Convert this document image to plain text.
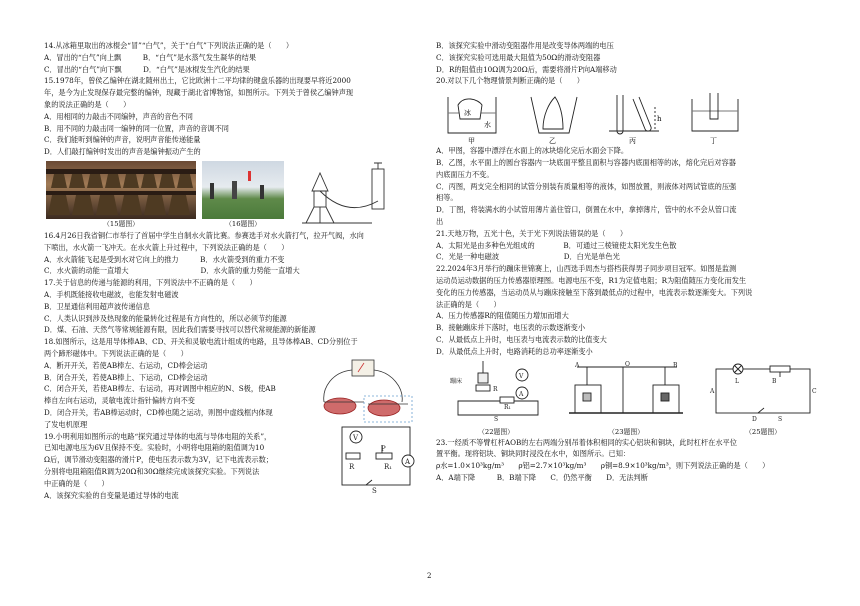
14.从冰箱里取出的冰棍会“冒”“白气”，关于“白气”下列说法正确的是（　　）
A．冒出的“白气”向上飘　　　B．“白气”是水蒸气发生凝华的结果
C．冒出的“白气”向下飘　　　D．“白气”是冰棍发生汽化的结果
15.1978年，曾侯乙编钟在湖北随州出土，它比欧洲十二平均律的键盘乐器的出现要早将近2000
年，是今为止发现保存最完整的编钟，现藏于湖北省博物馆，如图所示。下列关于曾侯乙编钟声现
象的说法正确的是（　　）
A．用相同的力敲击不同编钟，声音的音色不同
B．用不同的力敲击同一编钟的同一位置，声音的音调不同
C．我们能听到编钟的声音，说明声音能传递能量
D．人们敲打编钟时发出的声音是编钟振动产生的
（15题图）	（16题图）
16.4月26日我省铜仁市举行了首届中学生自制水火箭比赛。参赛选手对水火箭打气，拉开气阀，水向
下喷出，水火箭一飞冲天。在水火箭上升过程中，下列说法正确的是（　　）
A．水火箭能飞起是受到水对它向上的推力　　　B．水火箭受到的重力不变
C．水火箭的动能一直增大　　　　　　　　　　D．水火箭的重力势能一直增大
17.关于信息的传递与能源的利用，下列说法中不正确的是（　　）
A．手机既能接收电磁波，也能发射电磁波
B．卫星通信利用超声波传递信息
C．人类认识到涉及热现象的能量转化过程是有方向性的，所以必须节约能源
D．煤、石油、天然气等常规能源有限，因此我们需要寻找可以替代常规能源的新能源
18.如图所示，这是用导体棒AB、CD、开关和灵敏电流计组成的电路，且导体棒AB、CD分别位于
两个蹄形磁体中。下列说法正确的是（　　）
A．断开开关，若使AB棒左、右运动，CD棒会运动
B．闭合开关，若使AB棒上、下运动，CD棒会运动
C．闭合开关，若使AB棒左、右运动，再对调图中相应的N、S极，使AB
棒自左向右运动，灵敏电流计指针偏转方向不变
D．闭合开关，若AB棒运动时，CD棒也随之运动，则图中虚线框内体现
了发电机原理
19.小明利用如图所示的电路“探究通过导体的电流与导体电阻的关系”，
已知电源电压为6V且保持不变。实验时，小明将电阻箱的阻值调为10
Ω后，调节滑动变阻器的滑片P，使电压表示数为3V，记下电流表示数；
分别将电阻箱阻值R调为20Ω和30Ω继续完成该探究实验。下列说法
中正确的是（　　）
A．该探究实验的自变量是通过导体的电流
V
R
P
R₁
A
S
B．该探究实验中滑动变阻器作用是改变导体两端的电压
C．该探究实验可选用最大阻值为50Ω的滑动变阻器
D．R的阻值由10Ω调为20Ω后，需要将滑片P向A端移动
20.对以下几个物理情景判断正确的是（　　）
冰
水
甲	乙
h
丙	丁
A．甲图，容器中漂浮在水面上的冰块熔化完后水面会下降。
B．乙图，水平面上的圆台容器内一块底面平整且面积与容器内底面相等的冰，熔化完后对容器
内底面压力不变。
C．丙图，两支完全相同的试管分别装有质量相等的液体，如图放置，则液体对两试管底的压强
相等。
D．丁图，将装满水的小试管用薄片盖住管口，倒置在水中，拿掉薄片，管中的水不会从管口流
出
21.天地万物，五光十色，关于光下列说法错误的是（　　）
A．太阳光是由多种色光组成的　　　　B．可通过三棱镜使太阳光发生色散
C．光是一种电磁波　　　　　　　　　D．白光是单色光
22.2024年3月举行的蹦床世锦赛上，山西选手周杰与搭档获得男子同步项目冠军。如图是监测
运动员运动数据的压力传感器原理图。电源电压不变，R1为定值电阻；R为阻值随压力变化而发生
变化的压力传感器，当运动员从与蹦床接触至下落到最低点的过程中，电流表示数逐渐变大。下列说
法正确的是（　　）
A．压力传感器R的阻值随压力增加而增大
B．接触蹦床并下落时，电压表的示数逐渐变小
C．从最低点上升时，电压表与电流表示数的比值变大
D．从最低点上升时，电路消耗的总功率逐渐变小
蹦床
V
A
R
R₁
S
（22题图）
A	O	B
（23题图）
L
A	C
B
S
D
（25题图）
23.一经质不等臂杠杆AOB的左右两端分别吊着体积相同的实心铝块和铜块，此时杠杆在水平位
置平衡。现将铝块、铜块同时浸没在水中，如图所示。已知：
ρ水=1.0×10³kg/m³　　ρ铝=2.7×10³kg/m³　　ρ铜=8.9×10³kg/m³，则下列说法正确的是（　　）
A．A端下降　　　B．B端下降　　C．仍然平衡　　D．无法判断
2
